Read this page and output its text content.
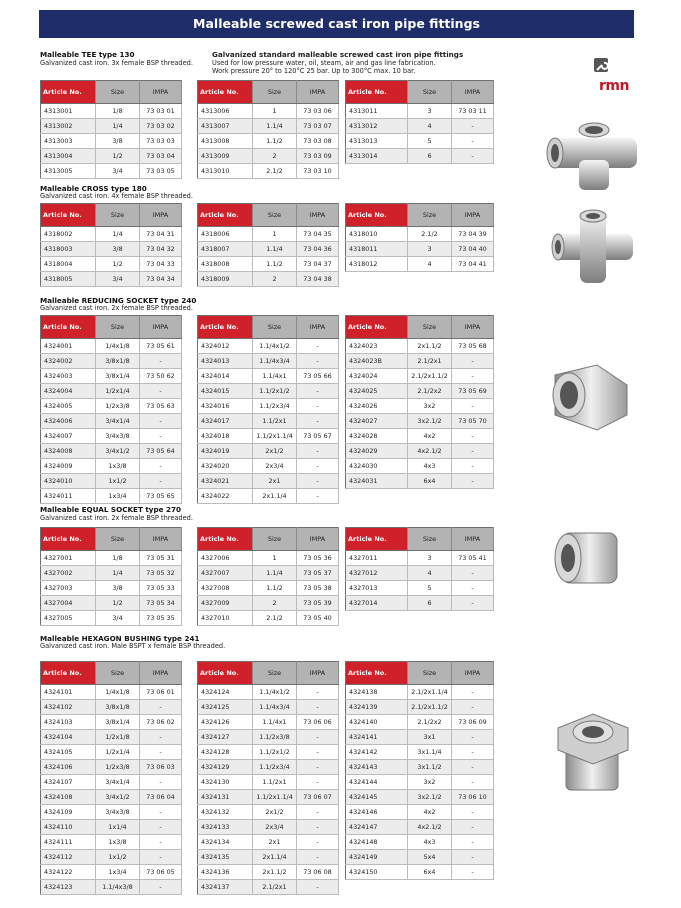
Malleable screwed cast iron pipe fittings
Malleable TEE type 130
Galvanized cast iron. 3x female BSP threaded.
Galvanized standard malleable screwed cast iron pipe fittings
Used for low pressure water, oil, steam, air and gas line fabrication.
Work pressure 20° to 120°C 25 bar. Up to 300°C max. 10 bar.
rmn
Malleable CROSS type 180
Galvanized cast iron. 4x female BSP threaded.
Malleable REDUCING SOCKET type 240
Galvanized cast iron. 2x female BSP threaded.
Malleable EQUAL SOCKET type 270
Galvanized cast iron. 2x female BSP threaded.
Malleable HEXAGON BUSHING type 241
Galvanized cast iron. Male BSPT x female BSP threaded.
Article No.	Size	IMPA
4313001	1/8	73 03 01
4313002	1/4	73 03 02
4313003	3/8	73 03 03
4313004	1/2	73 03 04
4313005	3/4	73 03 05
Article No.	Size	IMPA
4313006	1	73 03 06
4313007	1.1/4	73 03 07
4313008	1.1/2	73 03 08
4313009	2	73 03 09
4313010	2.1/2	73 03 10
Article No.	Size	IMPA
4313011	3	73 03 11
4313012	4	-
4313013	5	-
4313014	6	-
Article No.	Size	IMPA
4318002	1/4	73 04 31
4318003	3/8	73 04 32
4318004	1/2	73 04 33
4318005	3/4	73 04 34
Article No.	Size	IMPA
4318006	1	73 04 35
4318007	1.1/4	73 04 36
4318008	1.1/2	73 04 37
4318009	2	73 04 38
Article No.	Size	IMPA
4318010	2.1/2	73 04 39
4318011	3	73 04 40
4318012	4	73 04 41
Article No.	Size	IMPA
4324001	1/4x1/8	73 05 61
4324002	3/8x1/8	-
4324003	3/8x1/4	73 50 62
4324004	1/2x1/4	-
4324005	1/2x3/8	73 05 63
4324006	3/4x1/4	-
4324007	3/4x3/8	-
4324008	3/4x1/2	73 05 64
4324009	1x3/8	-
4324010	1x1/2	-
4324011	1x3/4	73 05 65
Article No.	Size	IMPA
4324012	1.1/4x1/2	-
4324013	1.1/4x3/4	-
4324014	1.1/4x1	73 05 66
4324015	1.1/2x1/2	-
4324016	1.1/2x3/4	-
4324017	1.1/2x1	-
4324018	1.1/2x1.1/4	73 05 67
4324019	2x1/2	-
4324020	2x3/4	-
4324021	2x1	-
4324022	2x1.1/4	-
Article No.	Size	IMPA
4324023	2x1.1/2	73 05 68
4324023B	2.1/2x1	-
4324024	2.1/2x1.1/2	-
4324025	2.1/2x2	73 05 69
4324026	3x2	-
4324027	3x2.1/2	73 05 70
4324028	4x2	-
4324029	4x2.1/2	-
4324030	4x3	-
4324031	6x4	-
Article No.	Size	IMPA
4327001	1/8	73 05 31
4327002	1/4	73 05 32
4327003	3/8	73 05 33
4327004	1/2	73 05 34
4327005	3/4	73 05 35
Article No.	Size	IMPA
4327006	1	73 05 36
4327007	1.1/4	73 05 37
4327008	1.1/2	73 05 38
4327009	2	73 05 39
4327010	2.1/2	73 05 40
Article No.	Size	IMPA
4327011	3	73 05 41
4327012	4	-
4327013	5	-
4327014	6	-
Article No.	Size	IMPA
4324101	1/4x1/8	73 06 01
4324102	3/8x1/8	-
4324103	3/8x1/4	73 06 02
4324104	1/2x1/8	-
4324105	1/2x1/4	-
4324106	1/2x3/8	73 06 03
4324107	3/4x1/4	-
4324108	3/4x1/2	73 06 04
4324109	3/4x3/8	-
4324110	1x1/4	-
4324111	1x3/8	-
4324112	1x1/2	-
4324122	1x3/4	73 06 05
4324123	1.1/4x3/8	-
Article No.	Size	IMPA
4324124	1.1/4x1/2	-
4324125	1.1/4x3/4	-
4324126	1.1/4x1	73 06 06
4324127	1.1/2x3/8	-
4324128	1.1/2x1/2	-
4324129	1.1/2x3/4	-
4324130	1.1/2x1	-
4324131	1.1/2x1.1/4	73 06 07
4324132	2x1/2	-
4324133	2x3/4	-
4324134	2x1	-
4324135	2x1.1/4	-
4324136	2x1.1/2	73 06 08
4324137	2.1/2x1	-
Article No.	Size	IMPA
4324138	2.1/2x1.1/4	-
4324139	2.1/2x1.1/2	-
4324140	2.1/2x2	73 06 09
4324141	3x1	-
4324142	3x1.1/4	-
4324143	3x1.1/2	-
4324144	3x2	-
4324145	3x2.1/2	73 06 10
4324146	4x2	-
4324147	4x2.1/2	-
4324148	4x3	-
4324149	5x4	-
4324150	6x4	-
